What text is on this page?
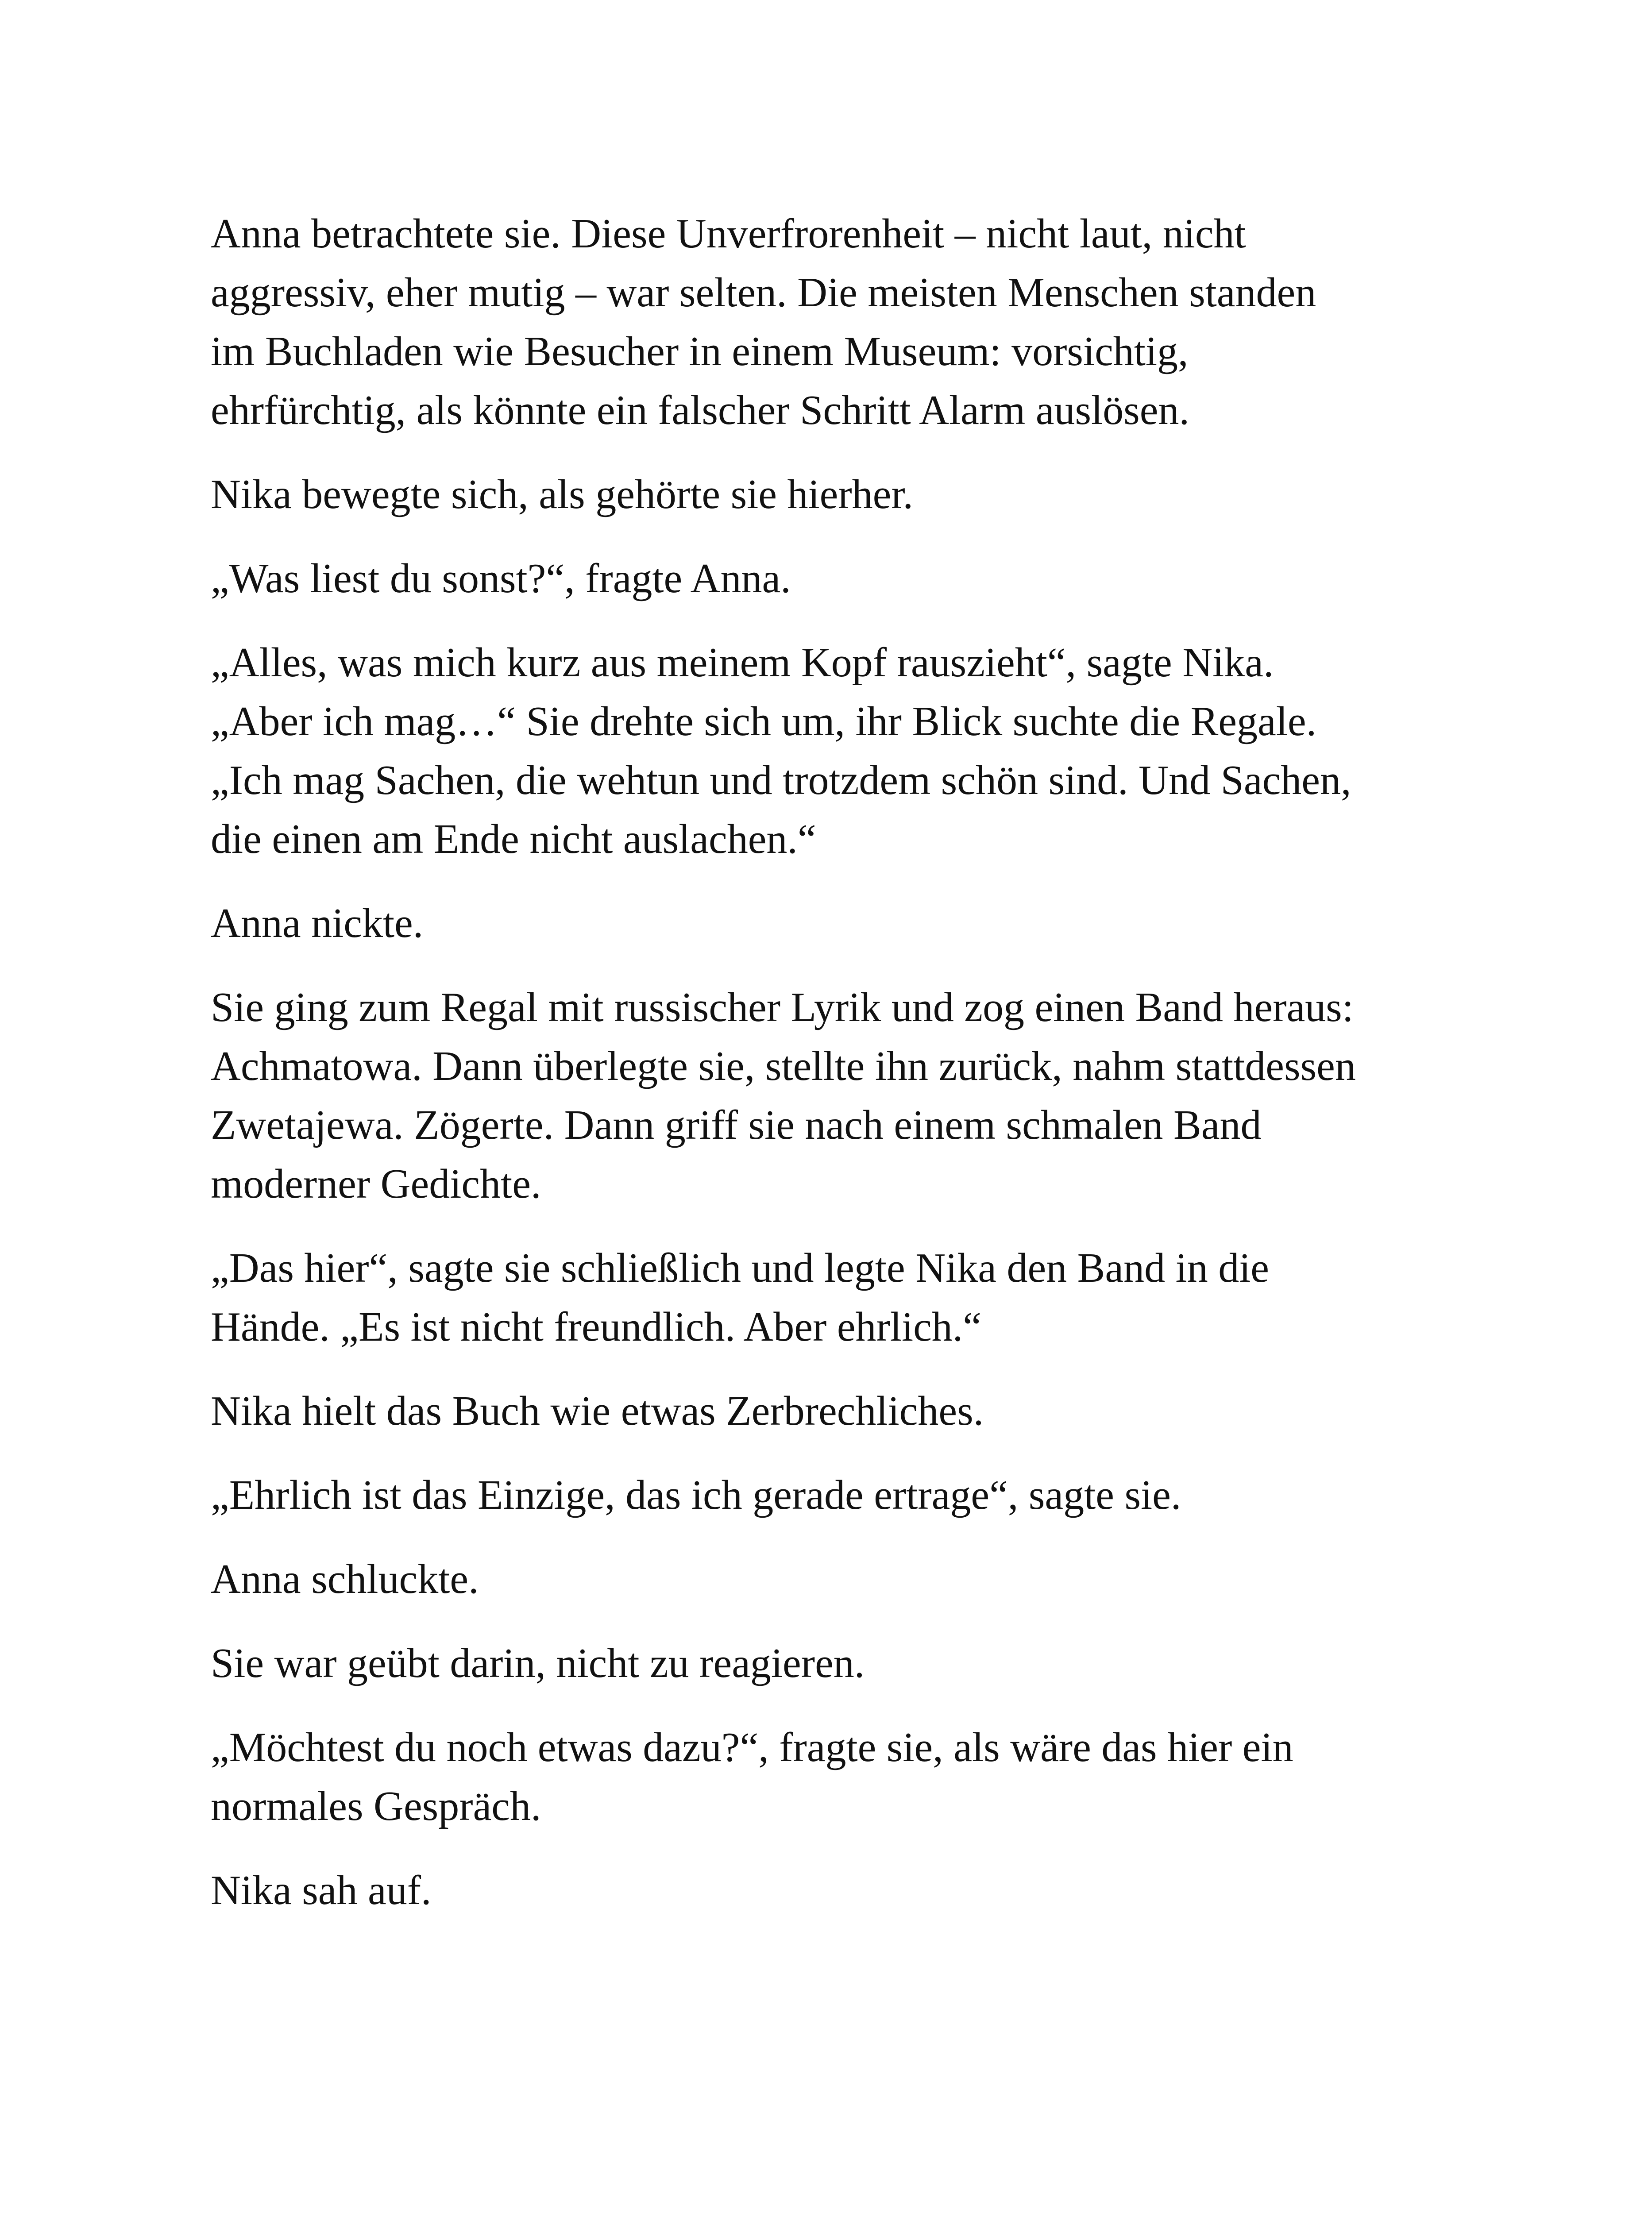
Anna betrachtete sie. Diese Unverfrorenheit – nicht laut, nicht
aggressiv, eher mutig – war selten. Die meisten Menschen standen
im Buchladen wie Besucher in einem Museum: vorsichtig,
ehrfürchtig, als könnte ein falscher Schritt Alarm auslösen.

Nika bewegte sich, als gehörte sie hierher.

„Was liest du sonst?“, fragte Anna.

„Alles, was mich kurz aus meinem Kopf rauszieht“, sagte Nika.
„Aber ich mag…“ Sie drehte sich um, ihr Blick suchte die Regale.
„Ich mag Sachen, die wehtun und trotzdem schön sind. Und Sachen,
die einen am Ende nicht auslachen.“

Anna nickte.

Sie ging zum Regal mit russischer Lyrik und zog einen Band heraus:
Achmatowa. Dann überlegte sie, stellte ihn zurück, nahm stattdessen
Zwetajewa. Zögerte. Dann griff sie nach einem schmalen Band
moderner Gedichte.

„Das hier“, sagte sie schließlich und legte Nika den Band in die
Hände. „Es ist nicht freundlich. Aber ehrlich.“

Nika hielt das Buch wie etwas Zerbrechliches.

„Ehrlich ist das Einzige, das ich gerade ertrage“, sagte sie.

Anna schluckte.

Sie war geübt darin, nicht zu reagieren.

„Möchtest du noch etwas dazu?“, fragte sie, als wäre das hier ein
normales Gespräch.

Nika sah auf.
